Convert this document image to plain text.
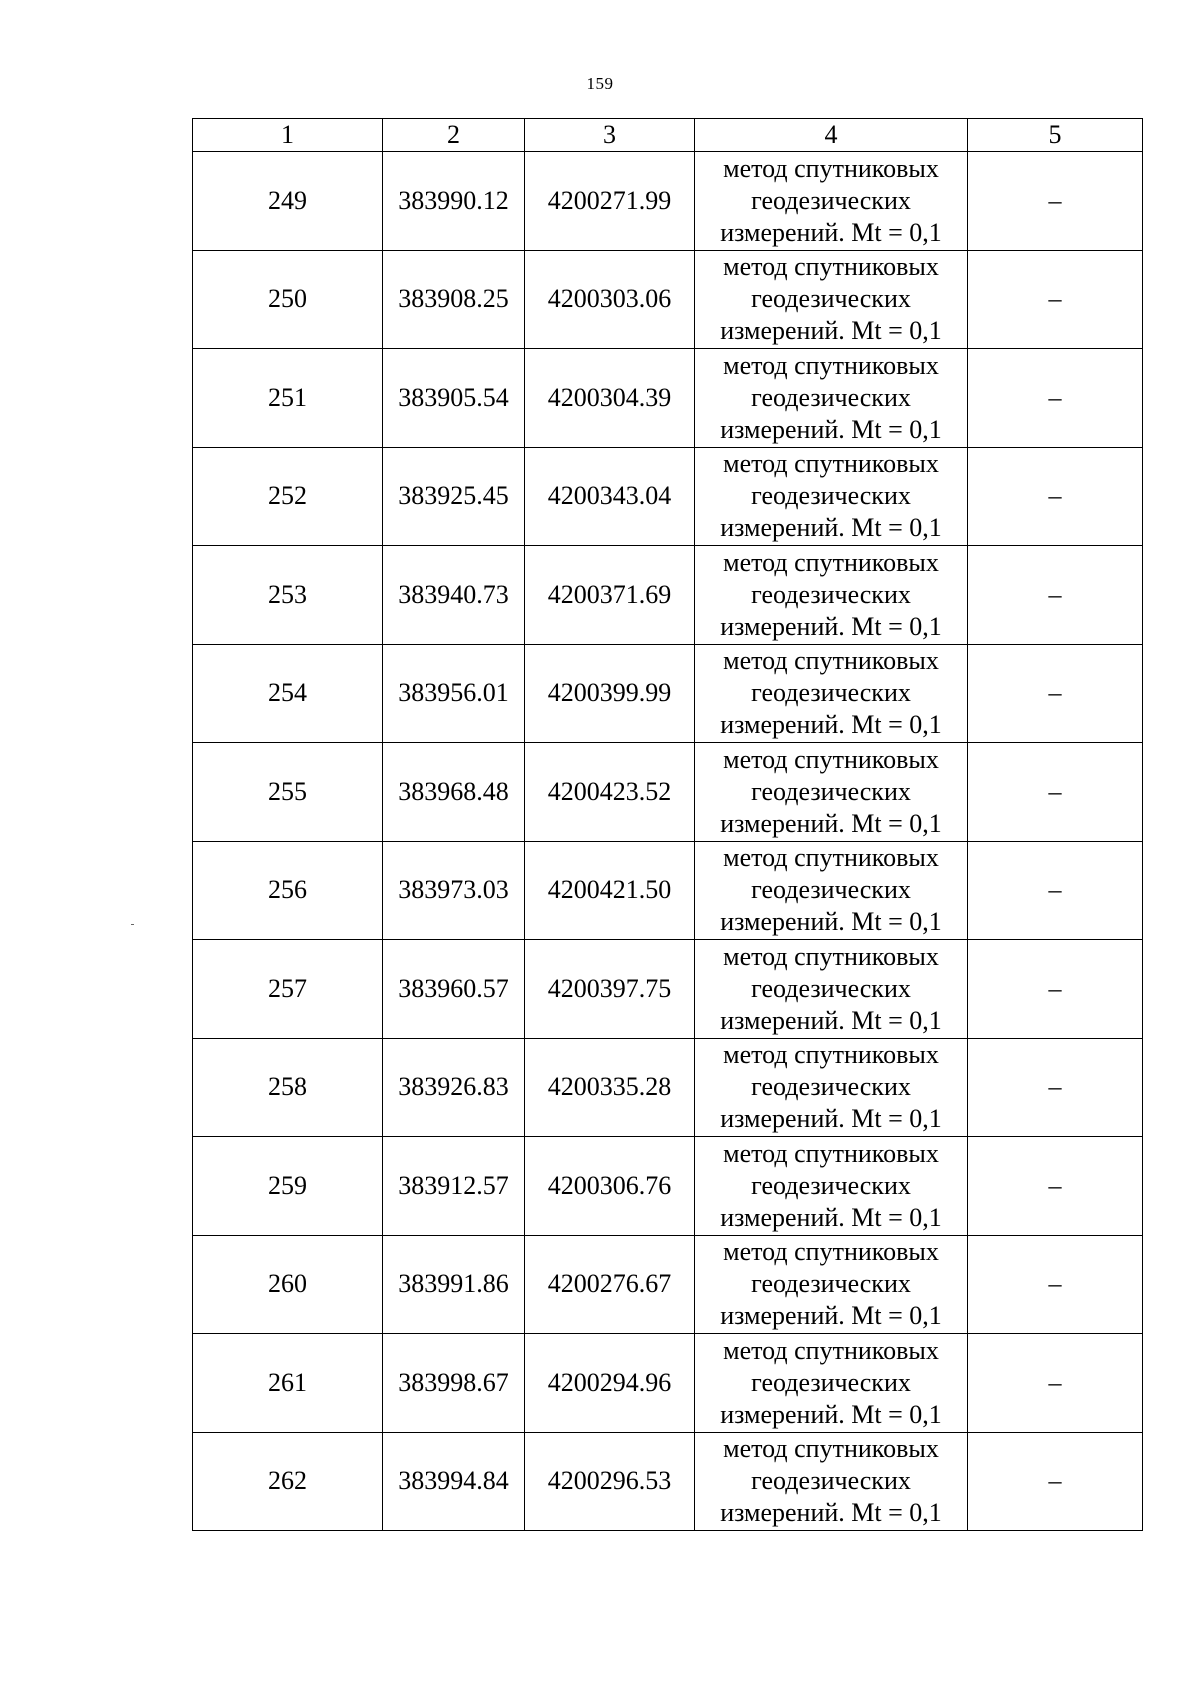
159
1	2	3	4	5
249	383990.12	4200271.99	метод спутниковых
геодезических
измерений. Mt = 0,1	–
250	383908.25	4200303.06	метод спутниковых
геодезических
измерений. Mt = 0,1	–
251	383905.54	4200304.39	метод спутниковых
геодезических
измерений. Mt = 0,1	–
252	383925.45	4200343.04	метод спутниковых
геодезических
измерений. Mt = 0,1	–
253	383940.73	4200371.69	метод спутниковых
геодезических
измерений. Mt = 0,1	–
254	383956.01	4200399.99	метод спутниковых
геодезических
измерений. Mt = 0,1	–
255	383968.48	4200423.52	метод спутниковых
геодезических
измерений. Mt = 0,1	–
256	383973.03	4200421.50	метод спутниковых
геодезических
измерений. Mt = 0,1	–
257	383960.57	4200397.75	метод спутниковых
геодезических
измерений. Mt = 0,1	–
258	383926.83	4200335.28	метод спутниковых
геодезических
измерений. Mt = 0,1	–
259	383912.57	4200306.76	метод спутниковых
геодезических
измерений. Mt = 0,1	–
260	383991.86	4200276.67	метод спутниковых
геодезических
измерений. Mt = 0,1	–
261	383998.67	4200294.96	метод спутниковых
геодезических
измерений. Mt = 0,1	–
262	383994.84	4200296.53	метод спутниковых
геодезических
измерений. Mt = 0,1	–
